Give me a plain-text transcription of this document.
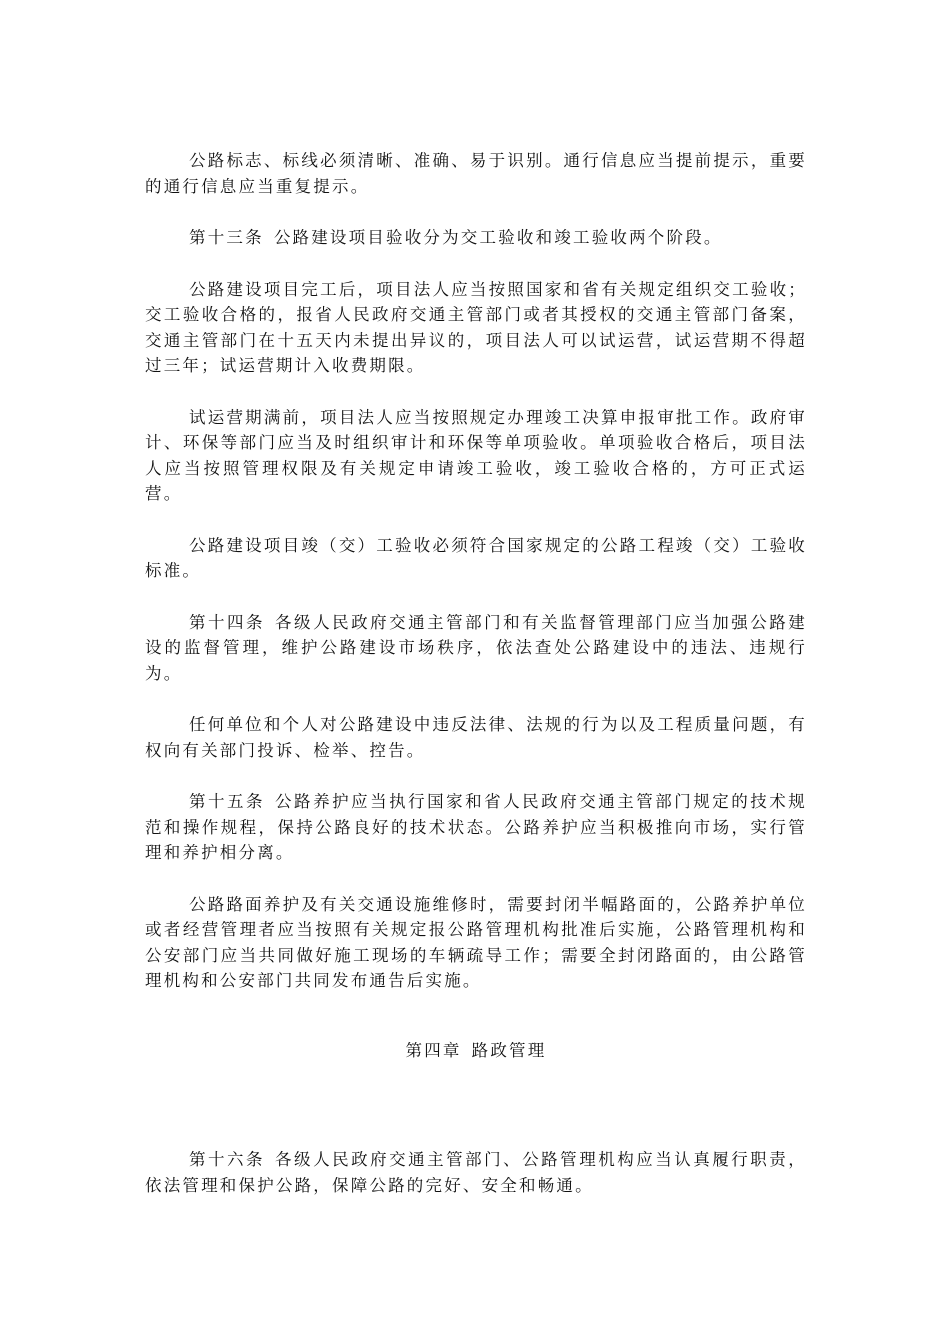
公路标志、标线必须清晰、准确、易于识别。通行信息应当提前提示，重要的通行信息应当重复提示。

第十三条 公路建设项目验收分为交工验收和竣工验收两个阶段。

公路建设项目完工后，项目法人应当按照国家和省有关规定组织交工验收；交工验收合格的，报省人民政府交通主管部门或者其授权的交通主管部门备案，交通主管部门在十五天内未提出异议的，项目法人可以试运营，试运营期不得超过三年；试运营期计入收费期限。

试运营期满前，项目法人应当按照规定办理竣工决算申报审批工作。政府审计、环保等部门应当及时组织审计和环保等单项验收。单项验收合格后，项目法人应当按照管理权限及有关规定申请竣工验收，竣工验收合格的，方可正式运营。

公路建设项目竣（交）工验收必须符合国家规定的公路工程竣（交）工验收标准。

第十四条 各级人民政府交通主管部门和有关监督管理部门应当加强公路建设的监督管理，维护公路建设市场秩序，依法查处公路建设中的违法、违规行为。

任何单位和个人对公路建设中违反法律、法规的行为以及工程质量问题，有权向有关部门投诉、检举、控告。

第十五条 公路养护应当执行国家和省人民政府交通主管部门规定的技术规范和操作规程，保持公路良好的技术状态。公路养护应当积极推向市场，实行管理和养护相分离。

公路路面养护及有关交通设施维修时，需要封闭半幅路面的，公路养护单位或者经营管理者应当按照有关规定报公路管理机构批准后实施，公路管理机构和公安部门应当共同做好施工现场的车辆疏导工作；需要全封闭路面的，由公路管理机构和公安部门共同发布通告后实施。

第四章 路政管理

第十六条 各级人民政府交通主管部门、公路管理机构应当认真履行职责，依法管理和保护公路，保障公路的完好、安全和畅通。
